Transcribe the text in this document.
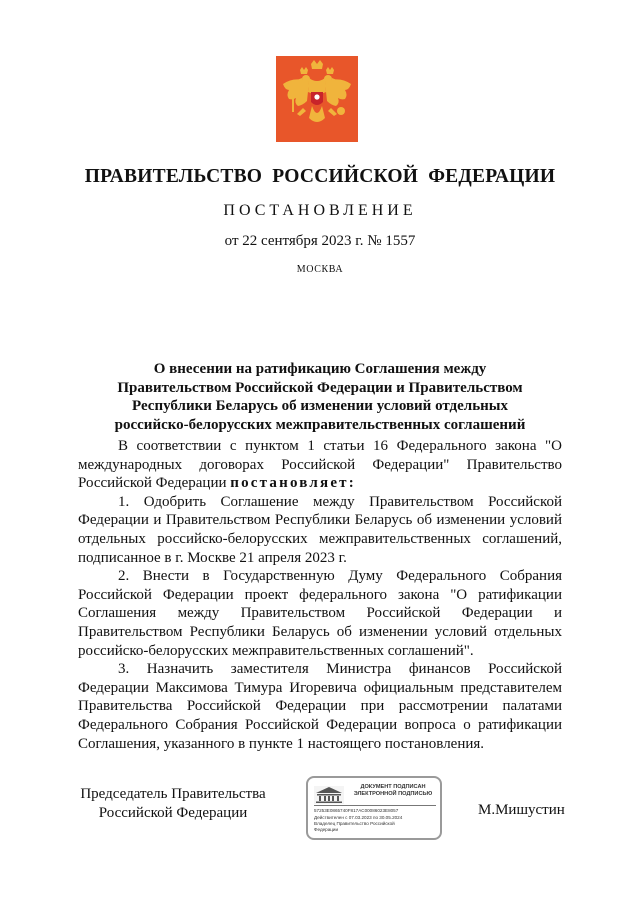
ПРАВИТЕЛЬСТВО  РОССИЙСКОЙ  ФЕДЕРАЦИИ
ПОСТАНОВЛЕНИЕ
от 22 сентября 2023 г. № 1557
МОСКВА
О внесении на ратификацию Соглашения между
Правительством Российской Федерации и Правительством
Республики Беларусь об изменении условий отдельных
российско-белорусских межправительственных соглашений

В соответствии с пунктом 1 статьи 16 Федерального закона "О международных договорах Российской Федерации" Правительство Российской Федерации постановляет:

1. Одобрить Соглашение между Правительством Российской Федерации и Правительством Республики Беларусь об изменении условий отдельных российско-белорусских межправительственных соглашений, подписанное в г. Москве 21 апреля 2023 г.

2. Внести в Государственную Думу Федерального Собрания Российской Федерации проект федерального закона "О ратификации Соглашения между Правительством Российской Федерации и Правительством Республики Беларусь об изменении условий отдельных российско-белорусских межправительственных соглашений".

3. Назначить заместителя Министра финансов Российской Федерации Максимова Тимура Игоревича официальным представителем Правительства Российской Федерации при рассмотрении палатами Федерального Собрания Российской Федерации вопроса о ратификации Соглашения, указанного в пункте 1 настоящего постановления.

Председатель Правительства
Российской Федерации
ДОКУМЕНТ ПОДПИСАН
ЭЛЕКТРОННОЙ ПОДПИСЬЮ
57253E0865740F817AC00086023E8057
Действителен с 07.03.2023 по 30.05.2024
Владелец Правительство Российской
Федерации
М.Мишустин
